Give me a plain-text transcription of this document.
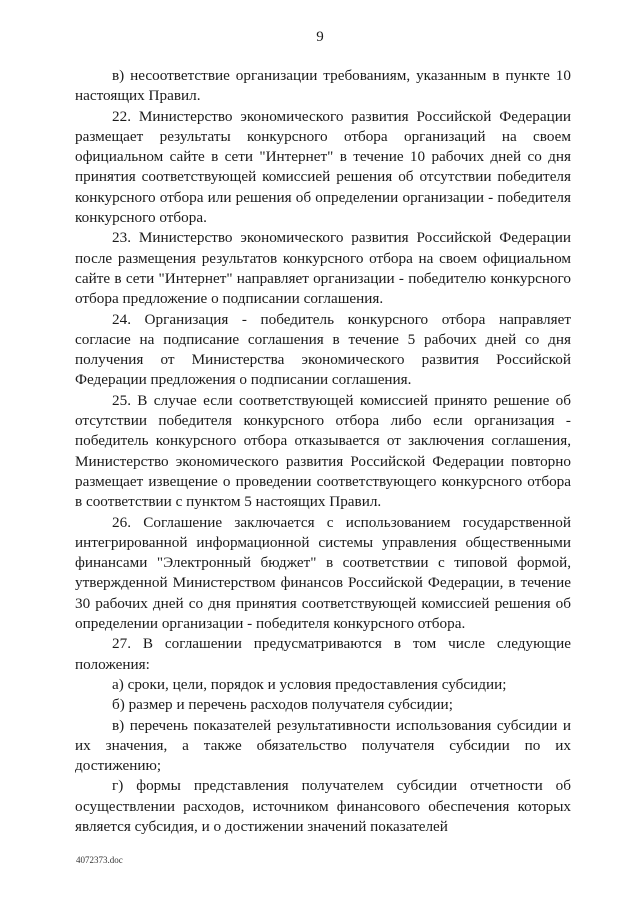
9

в) несоответствие организации требованиям, указанным в пункте 10 настоящих Правил.

22. Министерство экономического развития Российской Федерации размещает результаты конкурсного отбора организаций на своем официальном сайте в сети "Интернет" в течение 10 рабочих дней со дня принятия соответствующей комиссией решения об отсутствии победителя конкурсного отбора или решения об определении организации - победителя конкурсного отбора.

23. Министерство экономического развития Российской Федерации после размещения результатов конкурсного отбора на своем официальном сайте в сети "Интернет" направляет организации - победителю конкурсного отбора предложение о подписании соглашения.

24. Организация - победитель конкурсного отбора направляет согласие на подписание соглашения в течение 5 рабочих дней со дня получения от Министерства экономического развития Российской Федерации предложения о подписании соглашения.

25. В случае если соответствующей комиссией принято решение об отсутствии победителя конкурсного отбора либо если организация - победитель конкурсного отбора отказывается от заключения соглашения, Министерство экономического развития Российской Федерации повторно размещает извещение о проведении соответствующего конкурсного отбора в соответствии с пунктом 5 настоящих Правил.

26. Соглашение заключается с использованием государственной интегрированной информационной системы управления общественными финансами "Электронный бюджет" в соответствии с типовой формой, утвержденной Министерством финансов Российской Федерации, в течение 30 рабочих дней со дня принятия соответствующей комиссией решения об определении организации - победителя конкурсного отбора.

27. В соглашении предусматриваются в том числе следующие положения:

а) сроки, цели, порядок и условия предоставления субсидии;

б) размер и перечень расходов получателя субсидии;

в) перечень показателей результативности использования субсидии и их значения, а также обязательство получателя субсидии по их достижению;

г) формы представления получателем субсидии отчетности об осуществлении расходов, источником финансового обеспечения которых является субсидия, и о достижении значений показателей

4072373.doc
